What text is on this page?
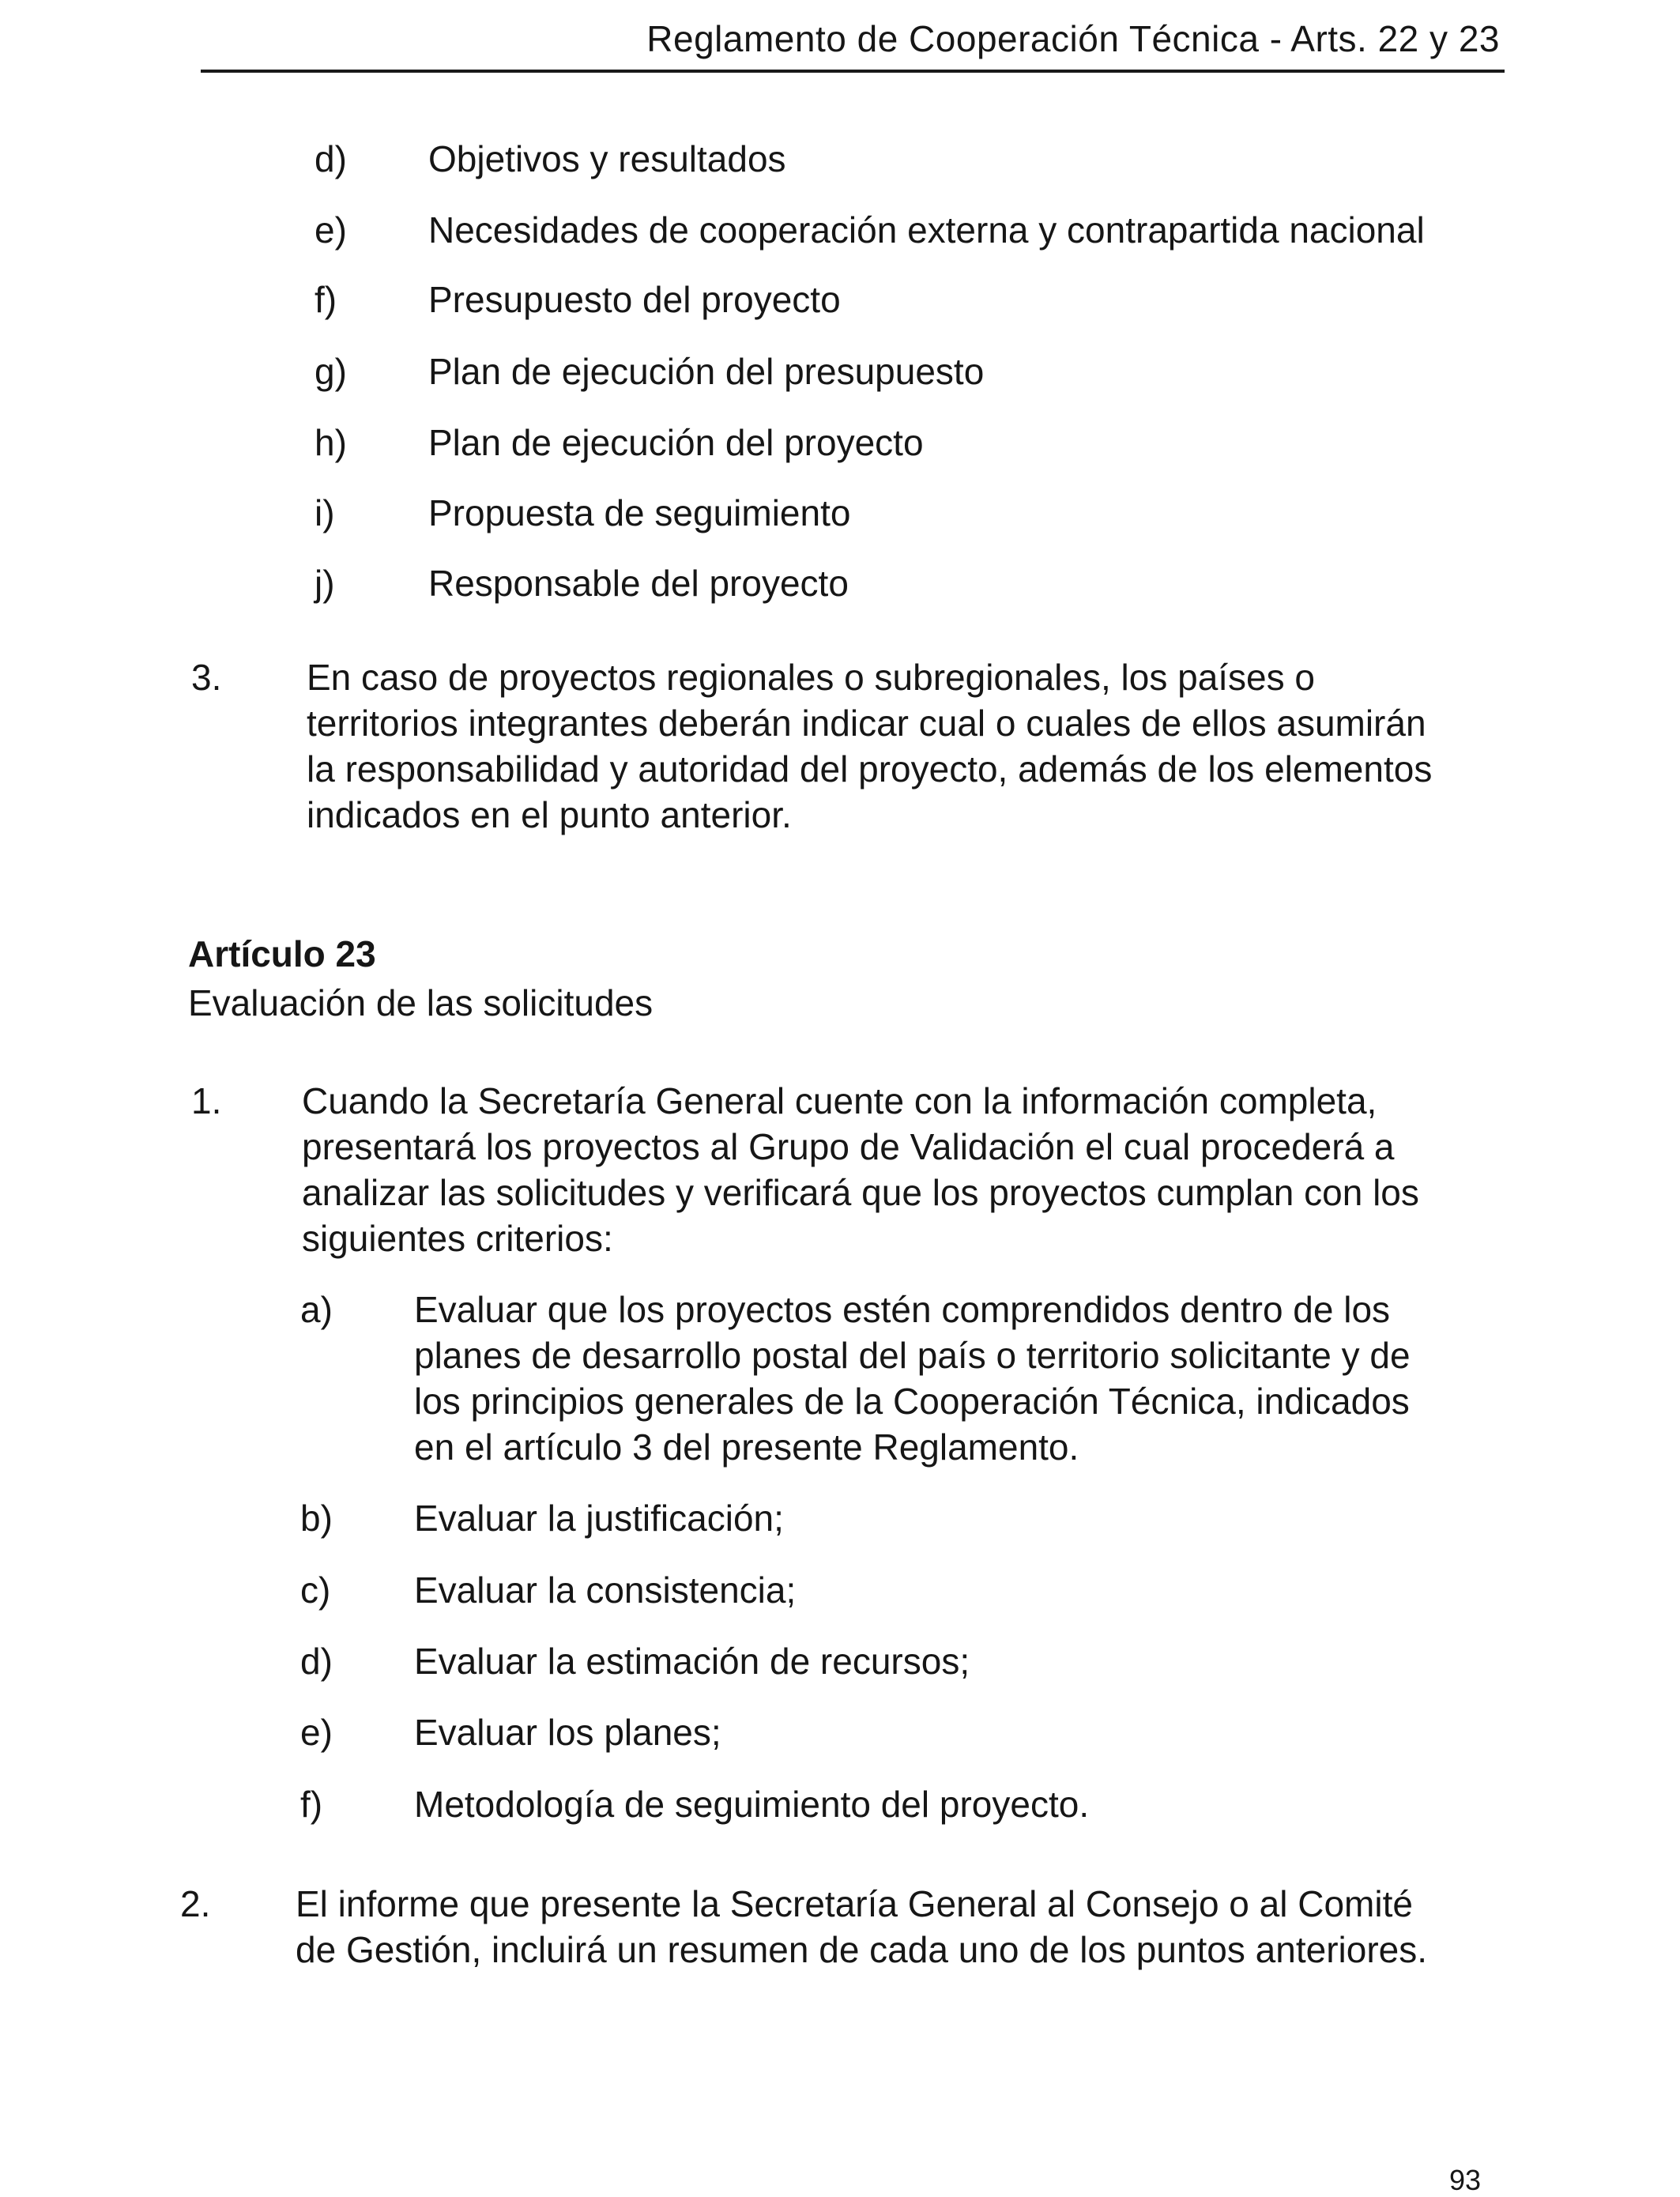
Reglamento de Cooperación Técnica - Arts. 22 y 23
d) Objetivos y resultados
e) Necesidades de cooperación externa y contrapartida nacional
f)	Presupuesto del proyecto
g) Plan de ejecución del presupuesto
h) Plan de ejecución del proyecto
i)	Propuesta de seguimiento
j)	Responsable del proyecto
3. En caso de proyectos regionales o subregionales, los países o
territorios integrantes deberán indicar cual o cuales de ellos asumirán
la responsabilidad y autoridad del proyecto, además de los elementos
indicados en el punto anterior.
Artículo 23
Evaluación de las solicitudes
1. Cuando la Secretaría General cuente con la información completa,
presentará los proyectos al Grupo de Validación el cual procederá a
analizar las solicitudes y verificará que los proyectos cumplan con los
siguientes criterios:
a) Evaluar que los proyectos estén comprendidos dentro de los
planes de desarrollo postal del país o territorio solicitante y de
los principios generales de la Cooperación Técnica, indicados
en el artículo 3 del presente Reglamento.
b) Evaluar la justificación;
c) Evaluar la consistencia;
d) Evaluar la estimación de recursos;
e) Evaluar los planes;
f)	Metodología de seguimiento del proyecto.
2. El informe que presente la Secretaría General al Consejo o al Comité
de Gestión, incluirá un resumen de cada uno de los puntos anteriores.
93
